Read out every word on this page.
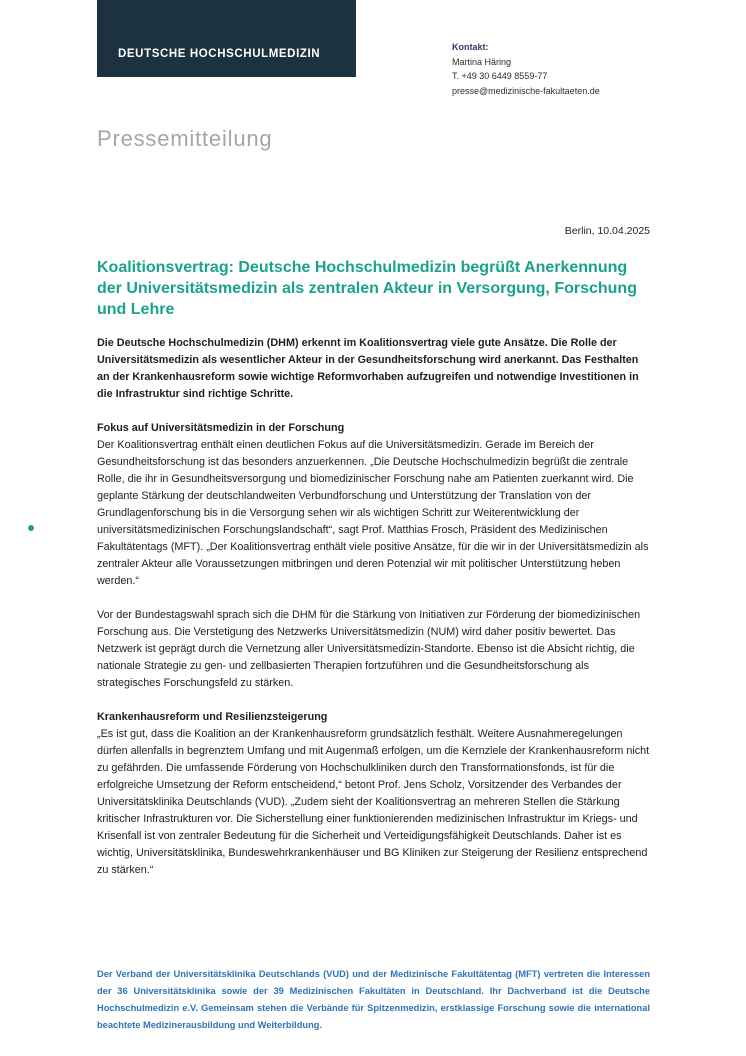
DEUTSCHE HOCHSCHULMEDIZIN
Kontakt:
Martina Häring
T. +49 30 6449 8559-77
presse@medizinische-fakultaeten.de
Pressemitteilung
Berlin, 10.04.2025
Koalitionsvertrag: Deutsche Hochschulmedizin begrüßt Anerkennung der Universitätsmedizin als zentralen Akteur in Versorgung, Forschung und Lehre

Die Deutsche Hochschulmedizin (DHM) erkennt im Koalitionsvertrag viele gute Ansätze. Die Rolle der Universitätsmedizin als wesentlicher Akteur in der Gesundheitsforschung wird anerkannt. Das Festhalten an der Krankenhausreform sowie wichtige Reformvorhaben aufzugreifen und notwendige Investitionen in die Infrastruktur sind richtige Schritte.

Fokus auf Universitätsmedizin in der Forschung

Der Koalitionsvertrag enthält einen deutlichen Fokus auf die Universitätsmedizin. Gerade im Bereich der Gesundheitsforschung ist das besonders anzuerkennen. „Die Deutsche Hochschulmedizin begrüßt die zentrale Rolle, die ihr in Gesundheitsversorgung und biomedizinischer Forschung nahe am Patienten zuerkannt wird. Die geplante Stärkung der deutschlandweiten Verbundforschung und Unterstützung der Translation von der Grundlagenforschung bis in die Versorgung sehen wir als wichtigen Schritt zur Weiterentwicklung der universitätsmedizinischen Forschungslandschaft“, sagt Prof. Matthias Frosch, Präsident des Medizinischen Fakultätentags (MFT). „Der Koalitionsvertrag enthält viele positive Ansätze, für die wir in der Universitätsmedizin als zentraler Akteur alle Voraussetzungen mitbringen und deren Potenzial wir mit politischer Unterstützung heben werden.“

Vor der Bundestagswahl sprach sich die DHM für die Stärkung von Initiativen zur Förderung der biomedizinischen Forschung aus. Die Verstetigung des Netzwerks Universitätsmedizin (NUM) wird daher positiv bewertet. Das Netzwerk ist geprägt durch die Vernetzung aller Universitätsmedizin-Standorte. Ebenso ist die Absicht richtig, die nationale Strategie zu gen- und zellbasierten Therapien fortzuführen und die Gesundheitsforschung als strategisches Forschungsfeld zu stärken.

Krankenhausreform und Resilienzsteigerung

„Es ist gut, dass die Koalition an der Krankenhausreform grundsätzlich festhält. Weitere Ausnahmeregelungen dürfen allenfalls in begrenztem Umfang und mit Augenmaß erfolgen, um die Kernziele der Krankenhausreform nicht zu gefährden. Die umfassende Förderung von Hochschulkliniken durch den Transformationsfonds, ist für die erfolgreiche Umsetzung der Reform entscheidend,“ betont Prof. Jens Scholz, Vorsitzender des Verbandes der Universitätsklinika Deutschlands (VUD). „Zudem sieht der Koalitionsvertrag an mehreren Stellen die Stärkung kritischer Infrastrukturen vor. Die Sicherstellung einer funktionierenden medizinischen Infrastruktur im Kriegs- und Krisenfall ist von zentraler Bedeutung für die Sicherheit und Verteidigungsfähigkeit Deutschlands. Daher ist es wichtig, Universitätsklinika, Bundeswehrkrankenhäuser und BG Kliniken zur Steigerung der Resilienz entsprechend zu stärken.“

Der Verband der Universitätsklinika Deutschlands (VUD) und der Medizinische Fakultätentag (MFT) vertreten die Interessen der 36 Universitätsklinika sowie der 39 Medizinischen Fakultäten in Deutschland. Ihr Dachverband ist die Deutsche Hochschulmedizin e.V. Gemeinsam stehen die Verbände für Spitzenmedizin, erstklassige Forschung sowie die international beachtete Medizinerausbildung und Weiterbildung.
